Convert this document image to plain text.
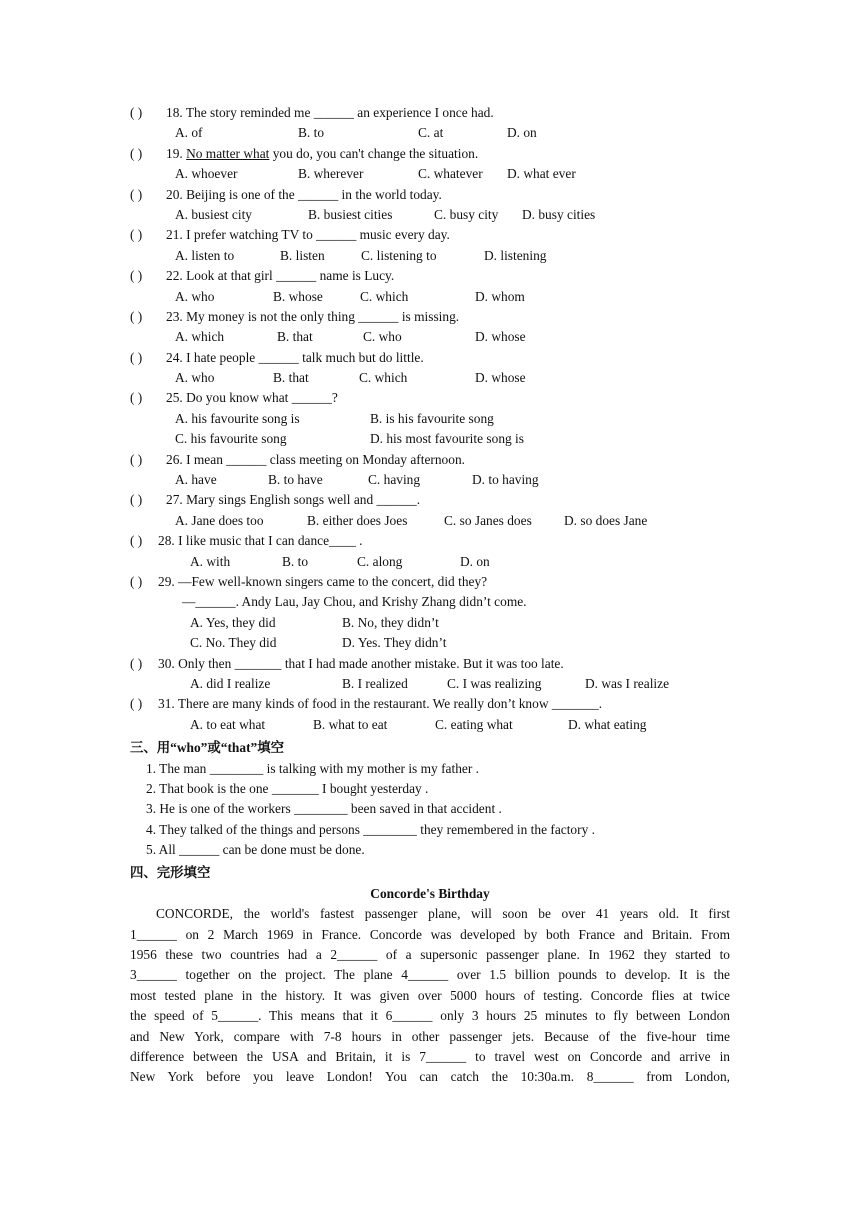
( ) 18. The story reminded me ______ an experience I once had.
A. of	B. to	C. at	D. on
( ) 19. No matter what you do, you can't change the situation.
A. whoever	B. wherever	C. whatever D. what ever
( ) 20. Beijing is one of the ______ in the world today.
A. busiest city	B. busiest cities	C. busy city D. busy cities
( ) 21. I prefer watching TV to ______ music every day.
A. listen to	B. listen	C. listening to	D. listening
( ) 22. Look at that girl ______ name is Lucy.
A. who	B. whose	C. which	D. whom
( ) 23. My money is not the only thing ______ is missing.
A. which	B. that	C. who	D. whose
( ) 24. I hate people ______ talk much but do little.
A. who	B. that	C. which	D. whose
( ) 25. Do you know what ______?
A. his favourite song is	B. is his favourite song
C. his favourite song	D. his most favourite song is
( ) 26. I mean ______ class meeting on Monday afternoon.
A. have	B. to have	C. having	D. to having
( ) 27. Mary sings English songs well and ______.
A. Jane does too	B. either does Joes	C. so Janes does D. so does Jane
( ) 28. I like music that I can dance____ .
A. with	B. to	C. along	D. on
( ) 29. —Few well-known singers came to the concert, did they?
—______. Andy Lau, Jay Chou, and Krishy Zhang didn’t come.
A. Yes, they did	B. No, they didn’t
C. No. They did	D. Yes. They didn’t
( ) 30. Only then _______ that I had made another mistake. But it was too late.
A. did I realize	B. I realized	C. I was realizing	D. was I realize
( ) 31. There are many kinds of food in the restaurant. We really don’t know _______.
A. to eat what	B. what to eat	C. eating what	D. what eating
三、用“who”或“that”填空
1. The man ________ is talking with my mother is my father .
2. That book is the one _______ I bought yesterday .
3. He is one of the workers ________ been saved in that accident .
4. They talked of the things and persons ________ they remembered in the factory .
5. All ______ can be done must be done.
四、完形填空
Concorde's Birthday
CONCORDE, the world's fastest passenger plane, will soon be over 41 years old. It first
1______ on 2 March 1969 in France. Concorde was developed by both France and Britain. From
1956 these two countries had a 2______ of a supersonic passenger plane. In 1962 they started to
3______ together on the project. The plane 4______ over 1.5 billion pounds to develop. It is the
most tested plane in the history. It was given over 5000 hours of testing. Concorde flies at twice
the speed of 5______. This means that it 6______ only 3 hours 25 minutes to fly between London
and New York, compare with 7-8 hours in other passenger jets. Because of the five-hour time
difference between the USA and Britain, it is 7______ to travel west on Concorde and arrive in
New York before you leave London! You can catch the 10:30a.m. 8______ from London,
